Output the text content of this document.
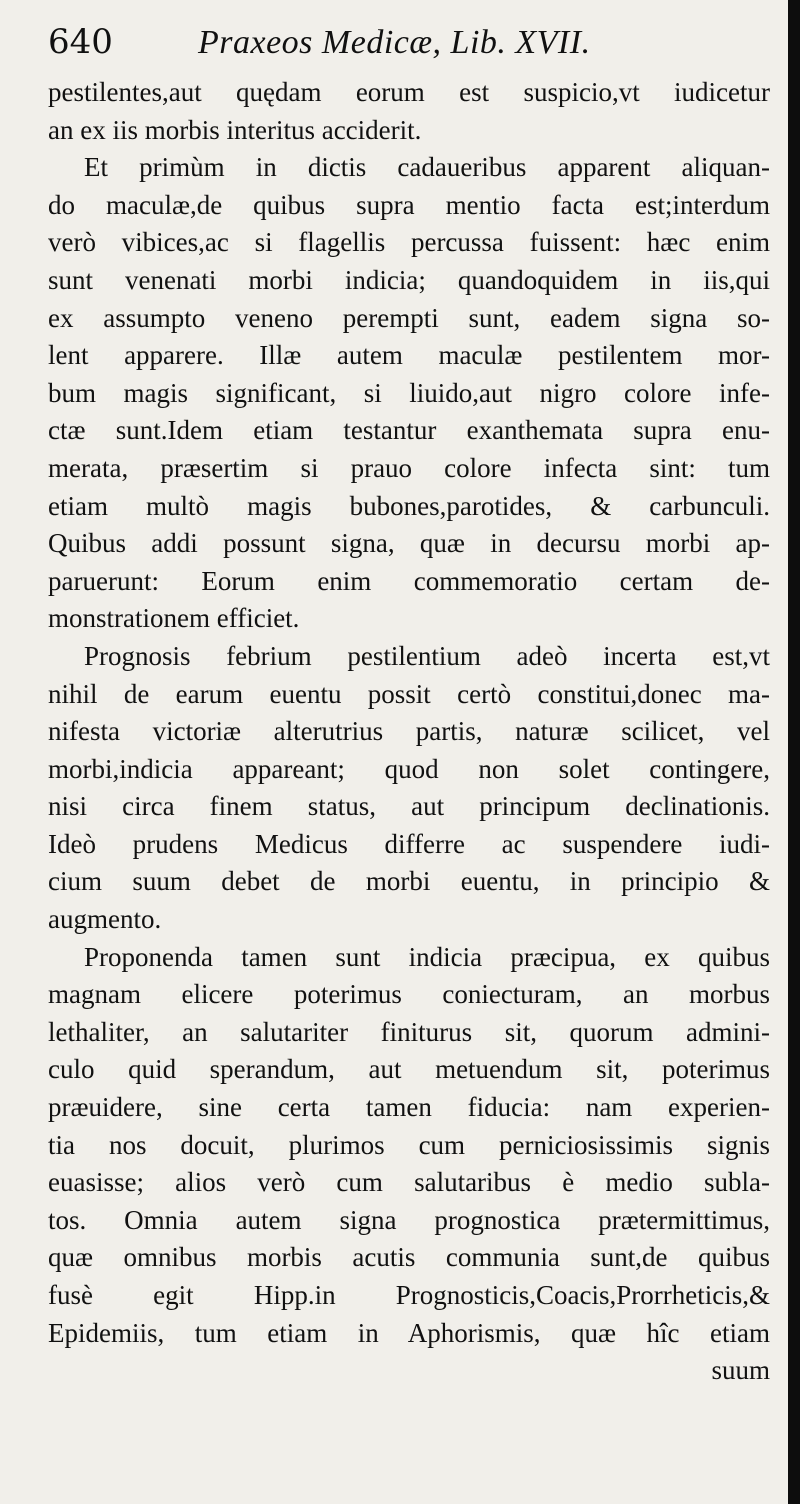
640	Praxeos Medicæ, Lib. XVII.
pestilentes,aut quędam eorum est suspicio,vt iudicetur
an ex iis morbis interitus acciderit.
Et primùm in dictis cadaueribus apparent aliquan-
do maculæ,de quibus supra mentio facta est;interdum
verò vibices,ac si flagellis percussa fuissent: hæc enim
sunt venenati morbi indicia; quandoquidem in iis,qui
ex assumpto veneno perempti sunt, eadem signa so-
lent apparere. Illæ autem maculæ pestilentem mor-
bum magis significant, si liuido,aut nigro colore infe-
ctæ sunt.Idem etiam testantur exanthemata supra enu-
merata, præsertim si prauo colore infecta sint: tum
etiam multò magis bubones,parotides, & carbunculi.
Quibus addi possunt signa, quæ in decursu morbi ap-
paruerunt: Eorum enim commemoratio certam de-
monstrationem efficiet.
Prognosis febrium pestilentium adeò incerta est,vt
nihil de earum euentu possit certò constitui,donec ma-
nifesta victoriæ alterutrius partis, naturæ scilicet, vel
morbi,indicia appareant; quod non solet contingere,
nisi circa finem status, aut principum declinationis.
Ideò prudens Medicus differre ac suspendere iudi-
cium suum debet de morbi euentu, in principio &
augmento.
Proponenda tamen sunt indicia præcipua, ex quibus
magnam elicere poterimus coniecturam, an morbus
lethaliter, an salutariter finiturus sit, quorum admini-
culo quid sperandum, aut metuendum sit, poterimus
præuidere, sine certa tamen fiducia: nam experien-
tia nos docuit, plurimos cum perniciosissimis signis
euasisse; alios verò cum salutaribus è medio subla-
tos. Omnia autem signa prognostica prætermittimus,
quæ omnibus morbis acutis communia sunt,de quibus
fusè egit Hipp.in Prognosticis,Coacis,Prorrheticis,&
Epidemiis, tum etiam in Aphorismis, quæ hîc etiam
suum
